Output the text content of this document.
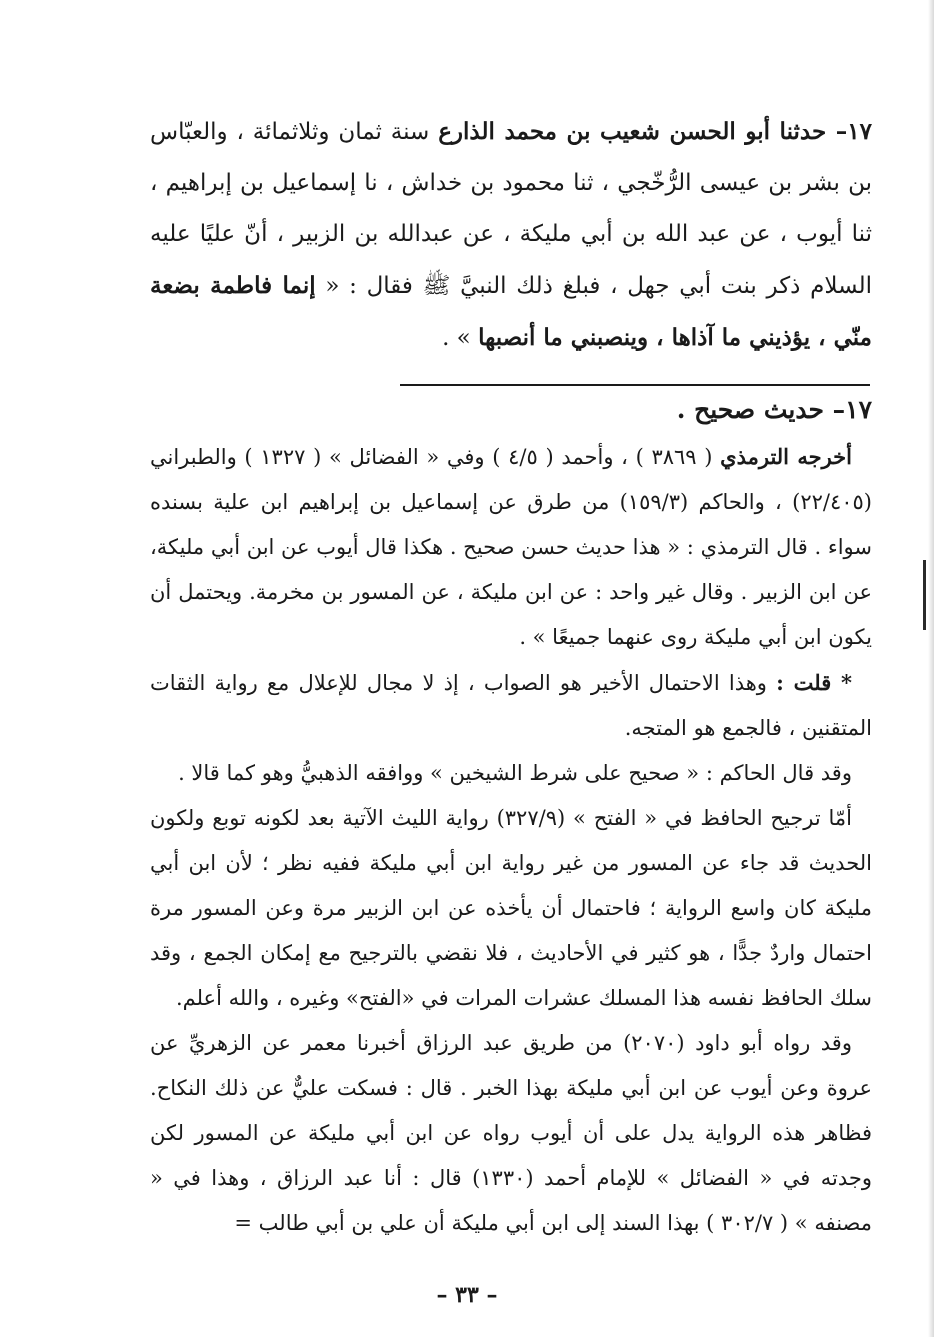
١٧– حدثنا أبو الحسن شعيب بن محمد الذارع سنة ثمان وثلاثمائة ، والعبّاس بن بشر بن عيسى الرُّخّجي ، ثنا محمود بن خداش ، نا إسماعيل بن إبراهيم ، ثنا أيوب ، عن عبد الله بن أبي مليكة ، عن عبدالله بن الزبير ، أنّ عليًا عليه السلام ذكر بنت أبي جهل ، فبلغ ذلك النبيَّ ﷺ فقال : « إنما فاطمة بضعة منّي ، يؤذيني ما آذاها ، وينصبني ما أنصبها » .
١٧– حديث صحيح .

أخرجه الترمذي ( ٣٨٦٩ ) ، وأحمد ( ٤/٥ ) وفي « الفضائل » ( ١٣٢٧ ) والطبراني (٢٢/٤٠٥) ، والحاكم (١٥٩/٣) من طرق عن إسماعيل بن إبراهيم ابن علية بسنده سواء . قال الترمذي : « هذا حديث حسن صحيح . هكذا قال أيوب عن ابن أبي مليكة، عن ابن الزبير . وقال غير واحد : عن ابن مليكة ، عن المسور بن مخرمة. ويحتمل أن يكون ابن أبي مليكة روى عنهما جميعًا » .

* قلت : وهذا الاحتمال الأخير هو الصواب ، إذ لا مجال للإعلال مع رواية الثقات المتقنين ، فالجمع هو المتجه.

وقد قال الحاكم : « صحيح على شرط الشيخين » ووافقه الذهبيُّ وهو كما قالا .

أمّا ترجيح الحافظ في « الفتح » (٣٢٧/٩) رواية الليث الآتية بعد لكونه توبع ولكون الحديث قد جاء عن المسور من غير رواية ابن أبي مليكة ففيه نظر ؛ لأن ابن أبي مليكة كان واسع الرواية ؛ فاحتمال أن يأخذه عن ابن الزبير مرة وعن المسور مرة احتمال واردٌ جدًّا ، هو كثير في الأحاديث ، فلا نقضي بالترجيح مع إمكان الجمع ، وقد سلك الحافظ نفسه هذا المسلك عشرات المرات في «الفتح» وغيره ، والله أعلم.

وقد رواه أبو داود (٢٠٧٠) من طريق عبد الرزاق أخبرنا معمر عن الزهريِّ عن عروة وعن أيوب عن ابن أبي مليكة بهذا الخبر . قال : فسكت عليٌّ عن ذلك النكاح. فظاهر هذه الرواية يدل على أن أيوب رواه عن ابن أبي مليكة عن المسور لكن وجدته في « الفضائل » للإمام أحمد (١٣٣٠) قال : أنا عبد الرزاق ، وهذا في « مصنفه » ( ٣٠٢/٧ ) بهذا السند إلى ابن أبي مليكة أن علي بن أبي طالب =

– ٣٣ –
